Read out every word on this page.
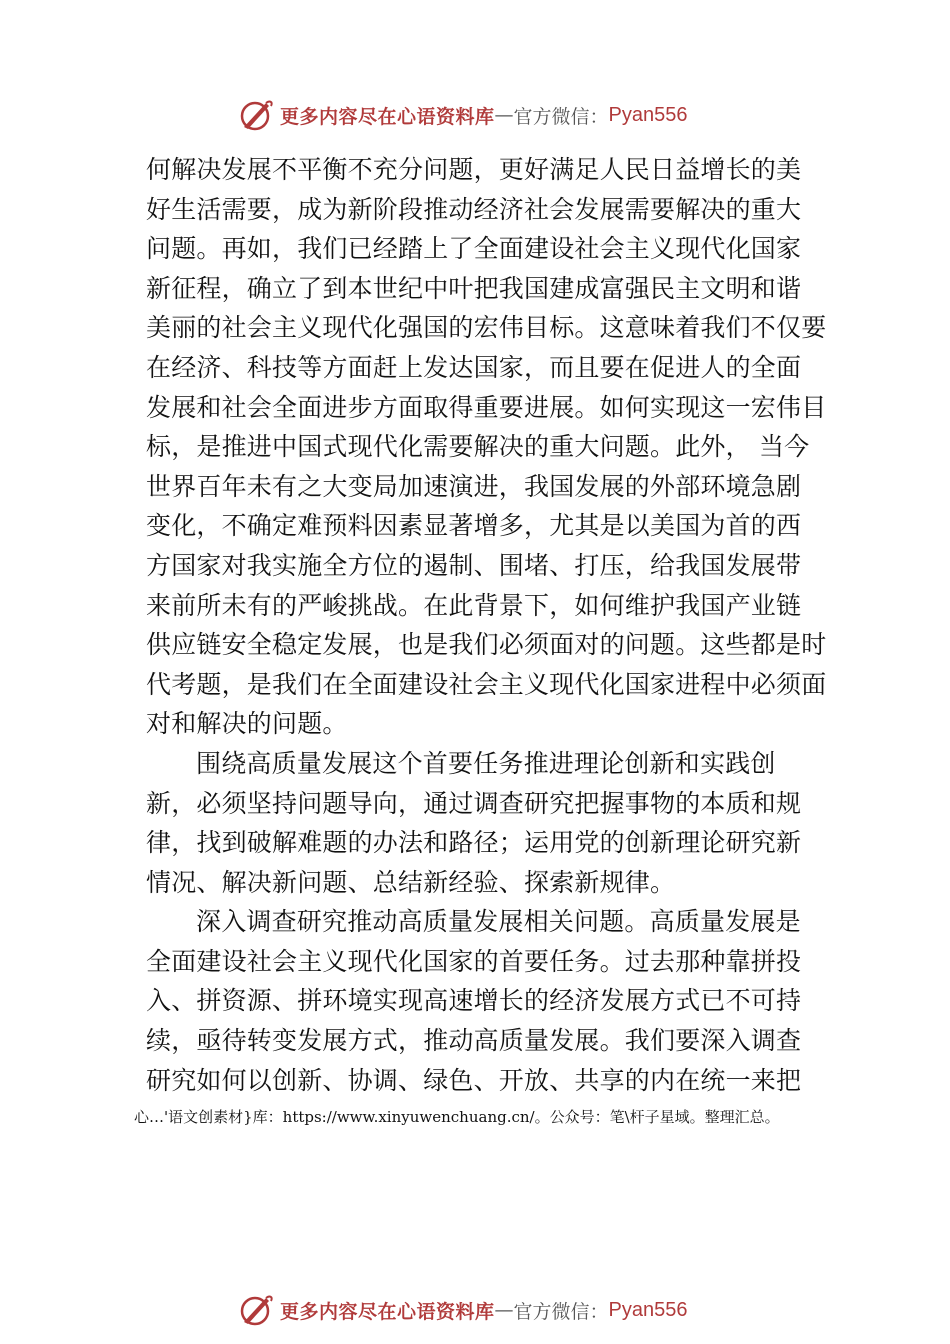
更多内容尽在心语资料库 — 官方微信： Pyan556
何解决发展不平衡不充分问题，更好满足人民日益增长的美
好生活需要，成为新阶段推动经济社会发展需要解决的重大
问题。再如，我们已经踏上了全面建设社会主义现代化国家
新征程，确立了到本世纪中叶把我国建成富强民主文明和谐
美丽的社会主义现代化强国的宏伟目标。这意味着我们不仅要
在经济、科技等方面赶上发达国家，而且要在促进人的全面
发展和社会全面进步方面取得重要进展。如何实现这一宏伟目
标，是推进中国式现代化需要解决的重大问题。此外， 当今
世界百年未有之大变局加速演进，我国发展的外部环境急剧
变化，不确定难预料因素显著增多，尤其是以美国为首的西
方国家对我实施全方位的遏制、围堵、打压，给我国发展带
来前所未有的严峻挑战。在此背景下，如何维护我国产业链
供应链安全稳定发展，也是我们必须面对的问题。这些都是时
代考题，是我们在全面建设社会主义现代化国家进程中必须面
对和解决的问题。
围绕高质量发展这个首要任务推进理论创新和实践创
新，必须坚持问题导向，通过调查研究把握事物的本质和规
律，找到破解难题的办法和路径；运用党的创新理论研究新
情况、解决新问题、总结新经验、探索新规律。
深入调查研究推动高质量发展相关问题。高质量发展是
全面建设社会主义现代化国家的首要任务。过去那种靠拼投
入、拼资源、拼环境实现高速增长的经济发展方式已不可持
续，亟待转变发展方式，推动高质量发展。我们要深入调查
研究如何以创新、协调、绿色、开放、共享的内在统一来把
心…'语文创素材}库：https://www.xinyuwenchuang.cn/。公众号：笔\杆子星域。整理汇总。
更多内容尽在心语资料库 — 官方微信： Pyan556
